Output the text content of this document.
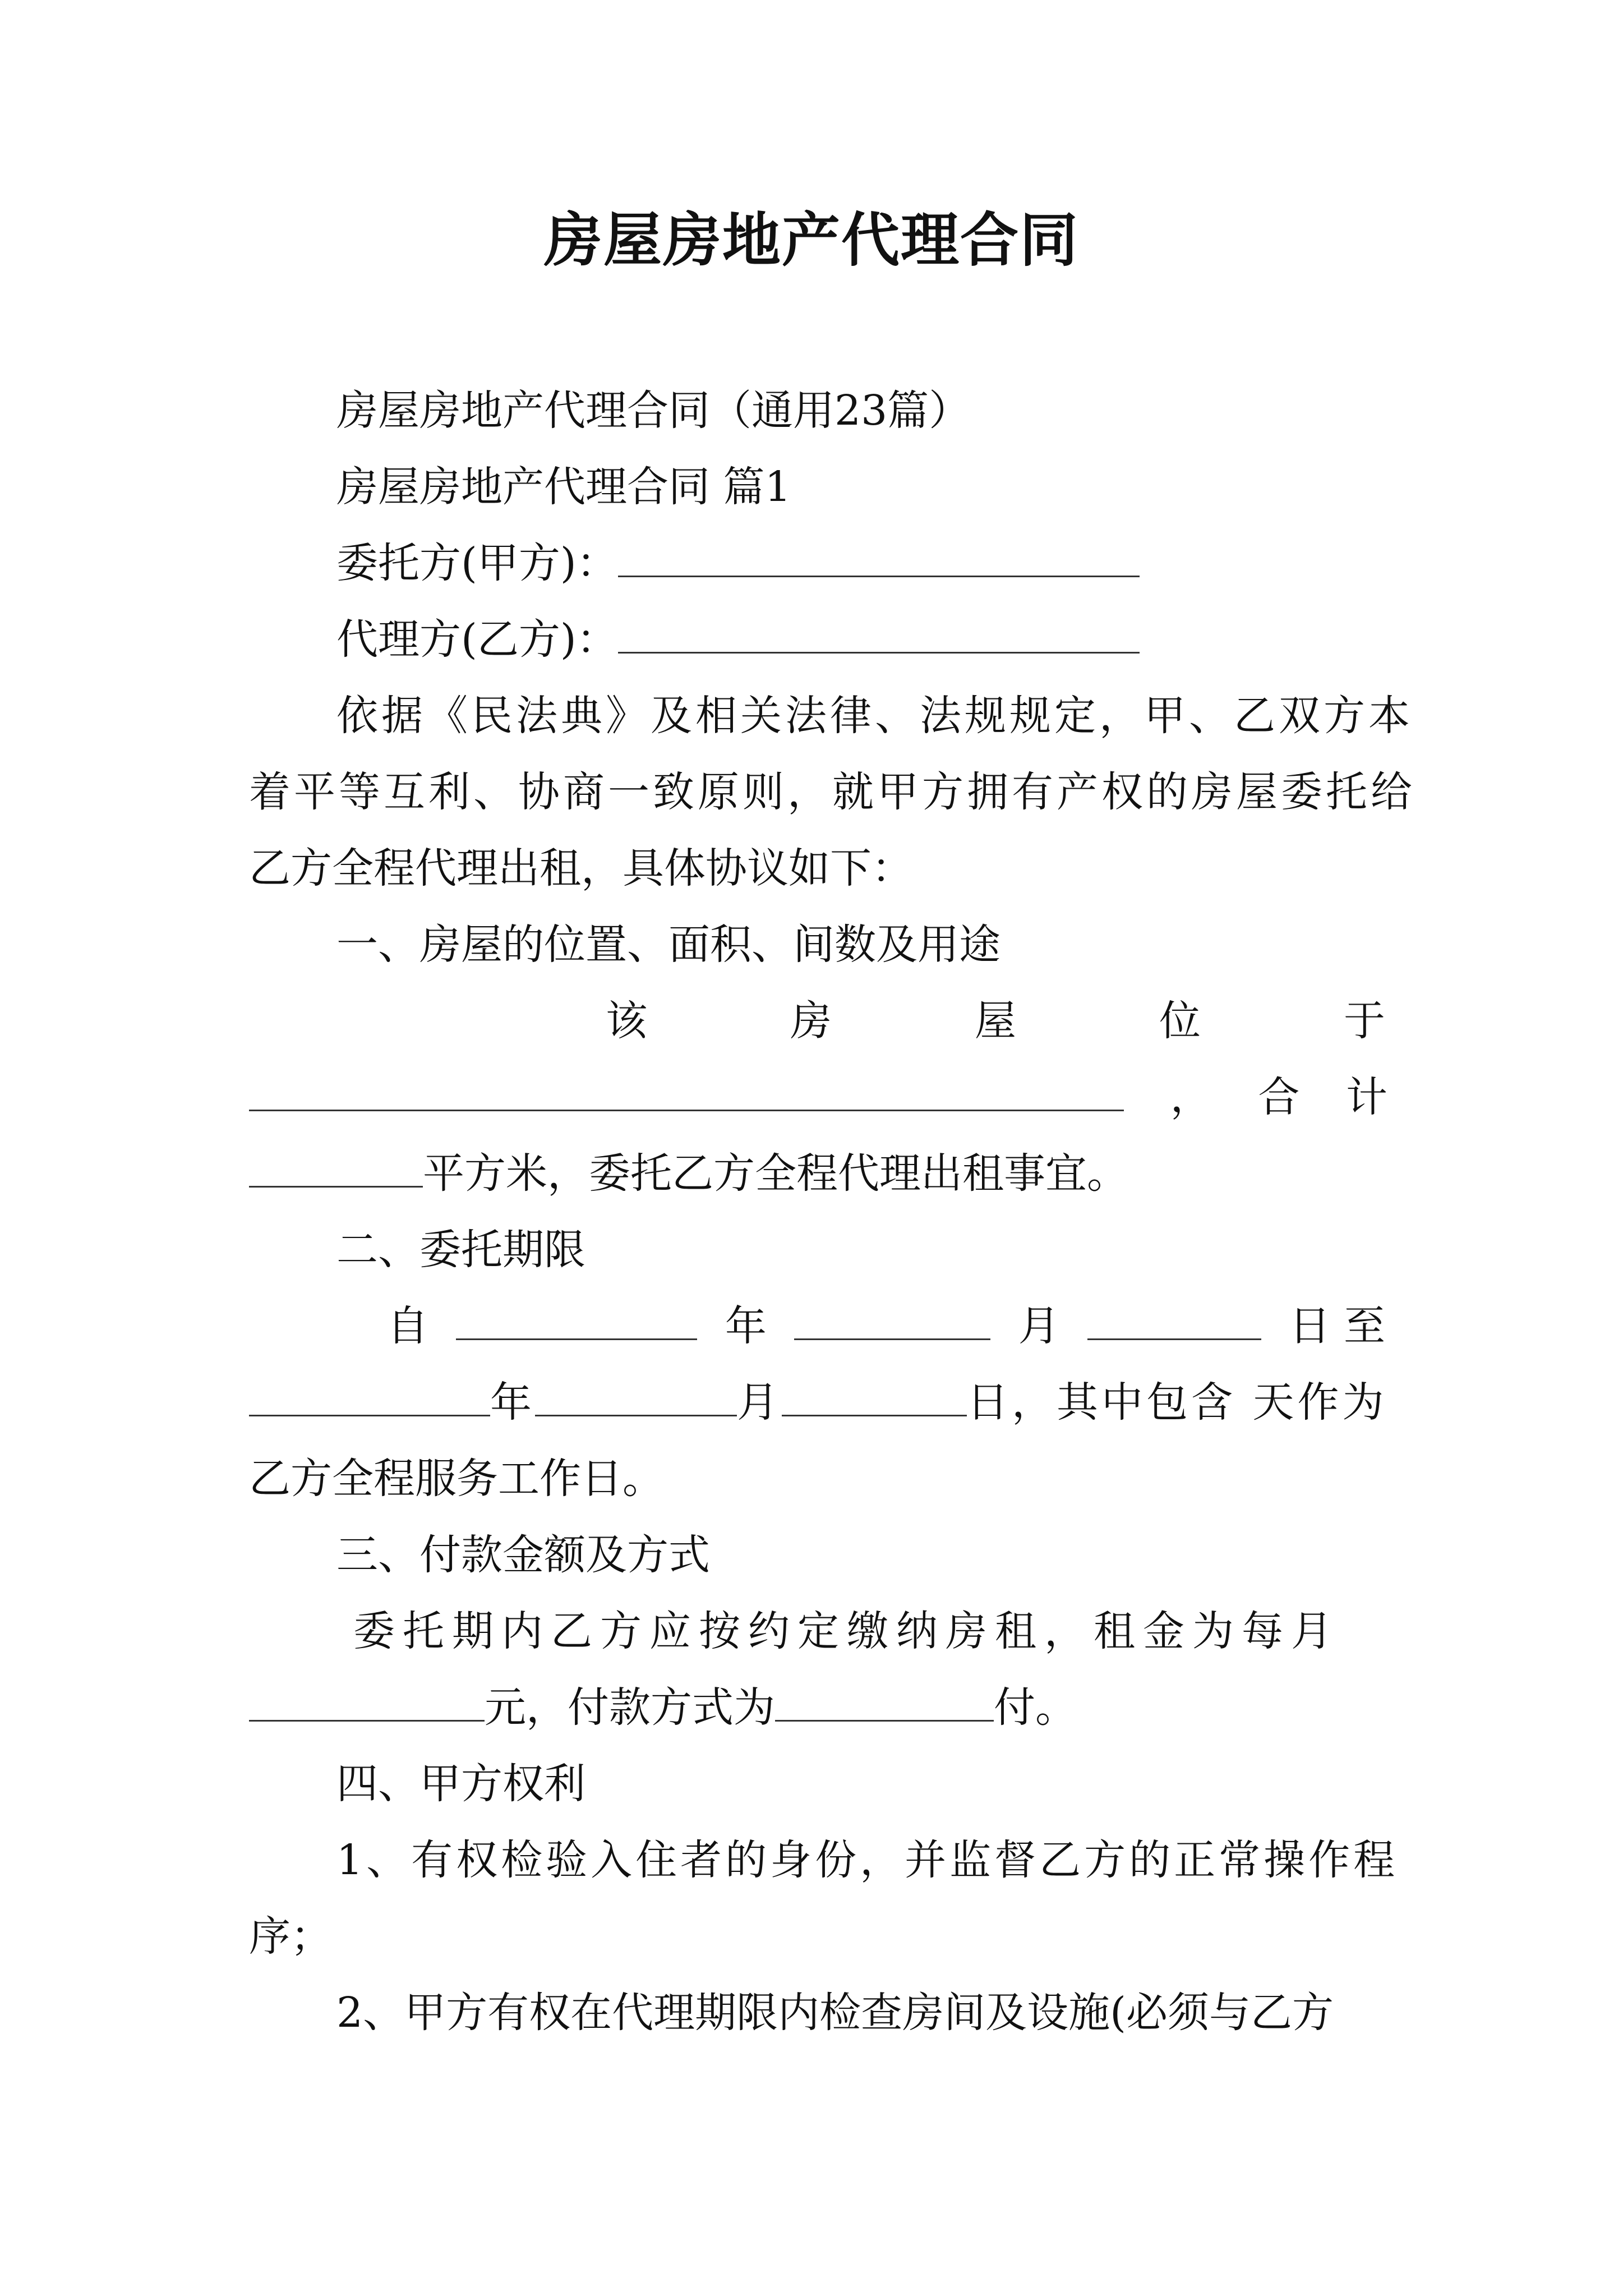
房屋房地产代理合同
房屋房地产代理合同（通用23篇）
房屋房地产代理合同 篇1
委托方(甲方)：
代理方(乙方)：
依据《民法典》及相关法律、法规规定，甲、乙双方本
着平等互利、协商一致原则，就甲方拥有产权的房屋委托给
乙方全程代理出租，具体协议如下：
一、房屋的位置、面积、间数及用途
该	房	屋	位	于
， 合 计
平方米，委托乙方全程代理出租事宜。
二、委托期限
自	年	月	日 至
年	月	日，其中包含 天作为
乙方全程服务工作日。
三、付款金额及方式
委托期内乙方应按约定缴纳房租，租金为每月
元，付款方式为	付。
四、甲方权利
1、有权检验入住者的身份，并监督乙方的正常操作程
序；
2、甲方有权在代理期限内检查房间及设施(必须与乙方
